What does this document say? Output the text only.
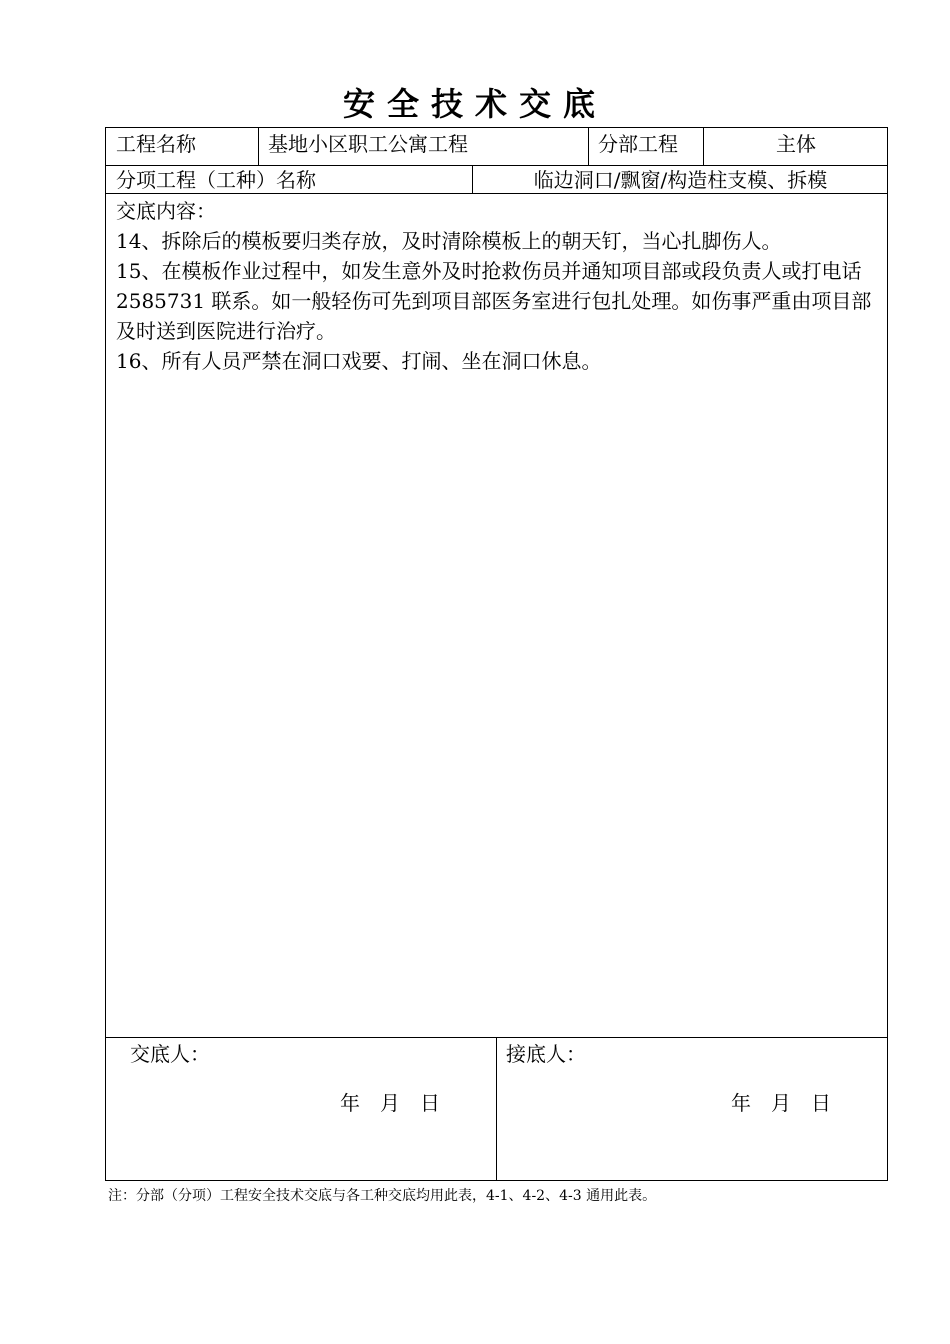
安全技术交底
工程名称	基地小区职工公寓工程	分部工程	主体
分项工程（工种）名称	临边洞口/飘窗/构造柱支模、拆模

交底内容：

14、拆除后的模板要归类存放，及时清除模板上的朝天钉，当心扎脚伤人。

15、在模板作业过程中，如发生意外及时抢救伤员并通知项目部或段负责人或打电话 2585731 联系。如一般轻伤可先到项目部医务室进行包扎处理。如伤事严重由项目部及时送到医院进行治疗。

16、所有人员严禁在洞口戏要、打闹、坐在洞口休息。

交底人：
年　月　日
接底人：
年　月　日
注：分部（分项）工程安全技术交底与各工种交底均用此表，4-1、4-2、4-3 通用此表。
